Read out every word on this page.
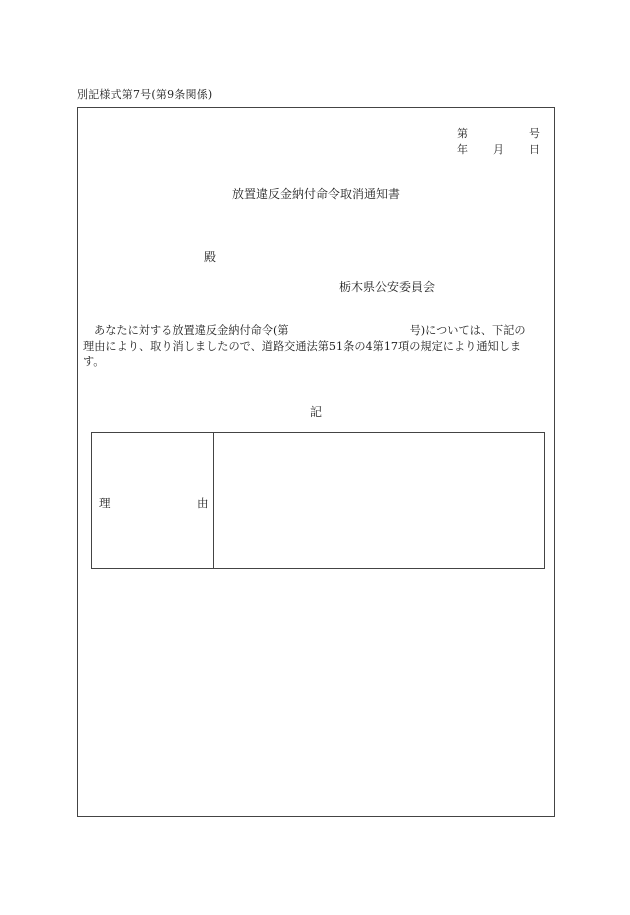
別記様式第7号(第9条関係)
第	号
年 月 日
放置違反金納付命令取消通知書
殿
栃木県公安委員会
あなたに対する放置違反金納付命令(第	号)については、下記の
理由により、取り消しましたので、道路交通法第51条の4第17項の規定により通知しま
す。
記
理	由
